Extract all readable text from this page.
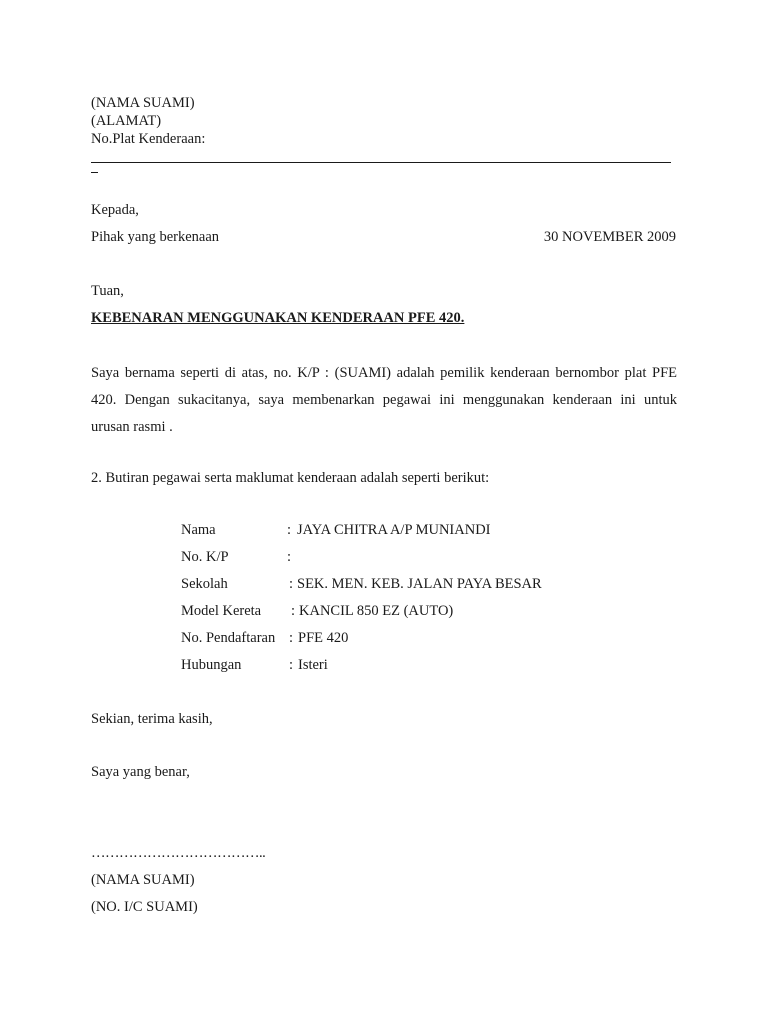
(NAMA SUAMI)
(ALAMAT)
No.Plat Kenderaan:
Kepada,
Pihak yang berkenaan	30 NOVEMBER 2009
Tuan,
KEBENARAN MENGGUNAKAN KENDERAAN PFE 420.
Saya bernama seperti di atas, no. K/P : (SUAMI) adalah pemilik kenderaan bernombor plat PFE
420. Dengan sukacitanya, saya membenarkan pegawai ini menggunakan kenderaan ini untuk
urusan rasmi .
2. Butiran pegawai serta maklumat kenderaan adalah seperti berikut:
Nama	: JAYA CHITRA A/P MUNIANDI
No. K/P	:
Sekolah	: SEK. MEN. KEB. JALAN PAYA BESAR
Model Kereta : KANCIL 850 EZ (AUTO)
No. Pendaftaran : PFE 420
Hubungan	: Isteri
Sekian, terima kasih,
Saya yang benar,
………………………………..
(NAMA SUAMI)
(NO. I/C SUAMI)
